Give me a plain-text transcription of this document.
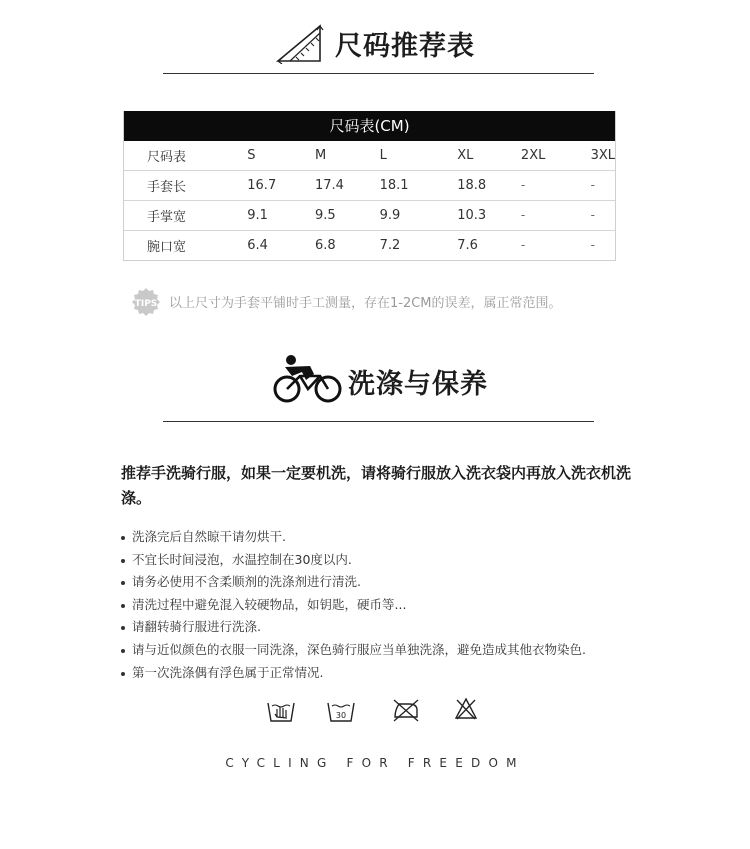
尺码推荐表
尺码表(CM)
尺码表	S	M	L	XL	2XL	3XL
手套长	16.7	17.4	18.1	18.8	-	-
手掌宽	9.1	9.5	9.9	10.3	-	-
腕口宽	6.4	6.8	7.2	7.6	-	-
TIPS 以上尺寸为手套平铺时手工测量，存在1-2CM的误差，属正常范围。
洗涤与保养
推荐手洗骑行服，如果一定要机洗，请将骑行服放入洗衣袋内再放入洗衣机洗涤。
洗涤完后自然晾干请勿烘干.
不宜长时间浸泡，水温控制在30度以内.
请务必使用不含柔顺剂的洗涤剂进行清洗.
清洗过程中避免混入较硬物品，如钥匙，硬币等...
请翻转骑行服进行洗涤.
请与近似颜色的衣服一同洗涤，深色骑行服应当单独洗涤，避免造成其他衣物染色.
第一次洗涤偶有浮色属于正常情况.
30
CYCLING FOR FREEDOM
